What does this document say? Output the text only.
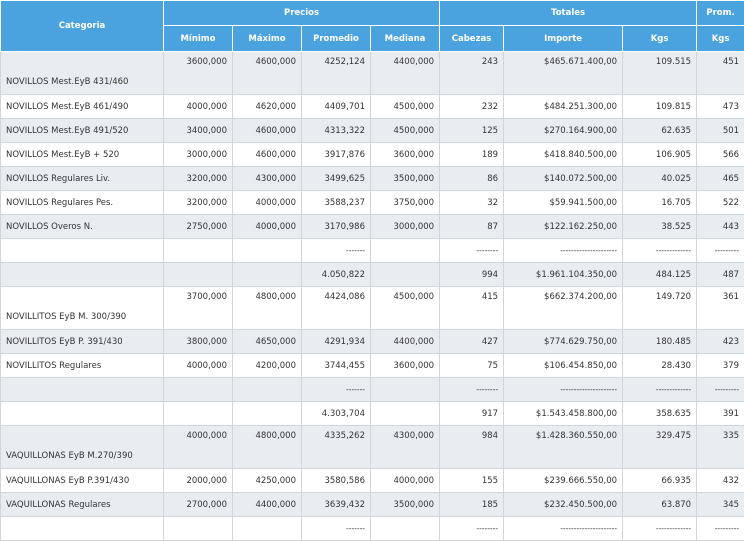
Categoria	Precios				Totales			Prom.
	Mínimo	Máximo	Promedio	Mediana	Cabezas	Importe	Kgs	Kgs
NOVILLOS Mest.EyB 431/460	3600,000	4600,000	4252,124	4400,000	243	$465.671.400,00	109.515	451
NOVILLOS Mest.EyB 461/490	4000,000	4620,000	4409,701	4500,000	232	$484.251.300,00	109.815	473
NOVILLOS Mest.EyB 491/520	3400,000	4600,000	4313,322	4500,000	125	$270.164.900,00	62.635	501
NOVILLOS Mest.EyB + 520	3000,000	4600,000	3917,876	3600,000	189	$418.840.500,00	106.905	566
NOVILLOS Regulares Liv.	3200,000	4300,000	3499,625	3500,000	86	$140.072.500,00	40.025	465
NOVILLOS Regulares Pes.	3200,000	4000,000	3588,237	3750,000	32	$59.941.500,00	16.705	522
NOVILLOS Overos N.	2750,000	4000,000	3170,986	3000,000	87	$122.162.250,00	38.525	443
			-------		--------	---------------------	-------------	---------
			4.050,822		994	$1.961.104.350,00	484.125	487
NOVILLITOS EyB M. 300/390	3700,000	4800,000	4424,086	4500,000	415	$662.374.200,00	149.720	361
NOVILLITOS EyB P. 391/430	3800,000	4650,000	4291,934	4400,000	427	$774.629.750,00	180.485	423
NOVILLITOS Regulares	4000,000	4200,000	3744,455	3600,000	75	$106.454.850,00	28.430	379
			-------		--------	---------------------	-------------	---------
			4.303,704		917	$1.543.458.800,00	358.635	391
VAQUILLONAS EyB M.270/390	4000,000	4800,000	4335,262	4300,000	984	$1.428.360.550,00	329.475	335
VAQUILLONAS EyB P.391/430	2000,000	4250,000	3580,586	4000,000	155	$239.666.550,00	66.935	432
VAQUILLONAS Regulares	2700,000	4400,000	3639,432	3500,000	185	$232.450.500,00	63.870	345
			-------		--------	---------------------	-------------	---------
